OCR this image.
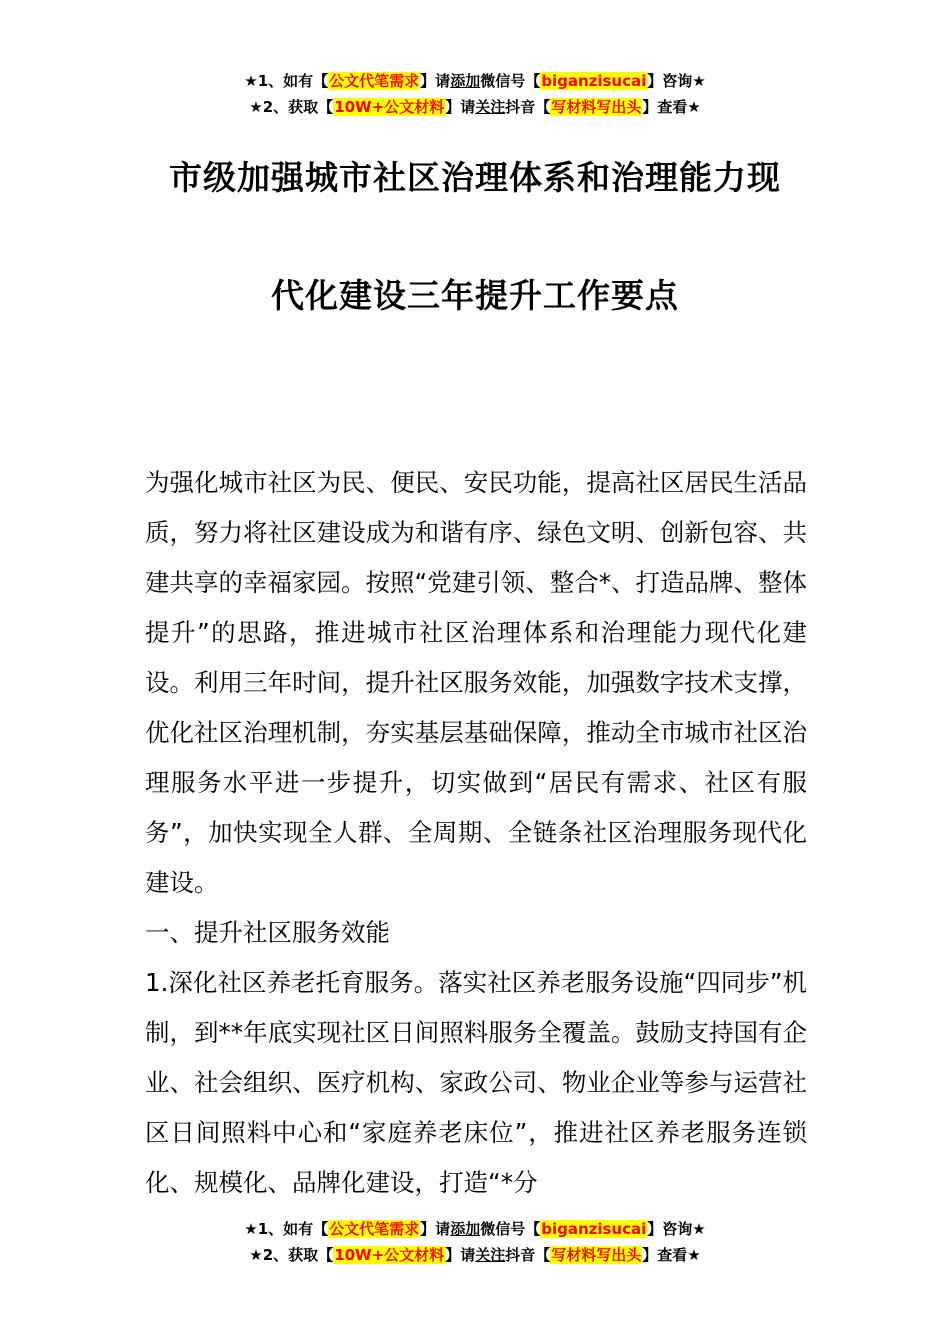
★1、如有【公文代笔需求】请添加微信号【biganzisucai】咨询★
★2、获取【10W+公文材料】请关注抖音【写材料写出头】查看★
市级加强城市社区治理体系和治理能力现
代化建设三年提升工作要点

为强化城市社区为民、便民、安民功能，提高社区居民生活品质，努力将社区建设成为和谐有序、绿色文明、创新包容、共建共享的幸福家园。按照“党建引领、整合*、打造品牌、整体提升”的思路，推进城市社区治理体系和治理能力现代化建设。利用三年时间，提升社区服务效能，加强数字技术支撑，优化社区治理机制，夯实基层基础保障，推动全市城市社区治理服务水平进一步提升，切实做到“居民有需求、社区有服务”，加快实现全人群、全周期、全链条社区治理服务现代化建设。

一、提升社区服务效能

1.深化社区养老托育服务。落实社区养老服务设施“四同步”机制，到**年底实现社区日间照料服务全覆盖。鼓励支持国有企业、社会组织、医疗机构、家政公司、物业企业等参与运营社区日间照料中心和“家庭养老床位”，推进社区养老服务连锁化、规模化、品牌化建设，打造“*分

★1、如有【公文代笔需求】请添加微信号【biganzisucai】咨询★
★2、获取【10W+公文材料】请关注抖音【写材料写出头】查看★
